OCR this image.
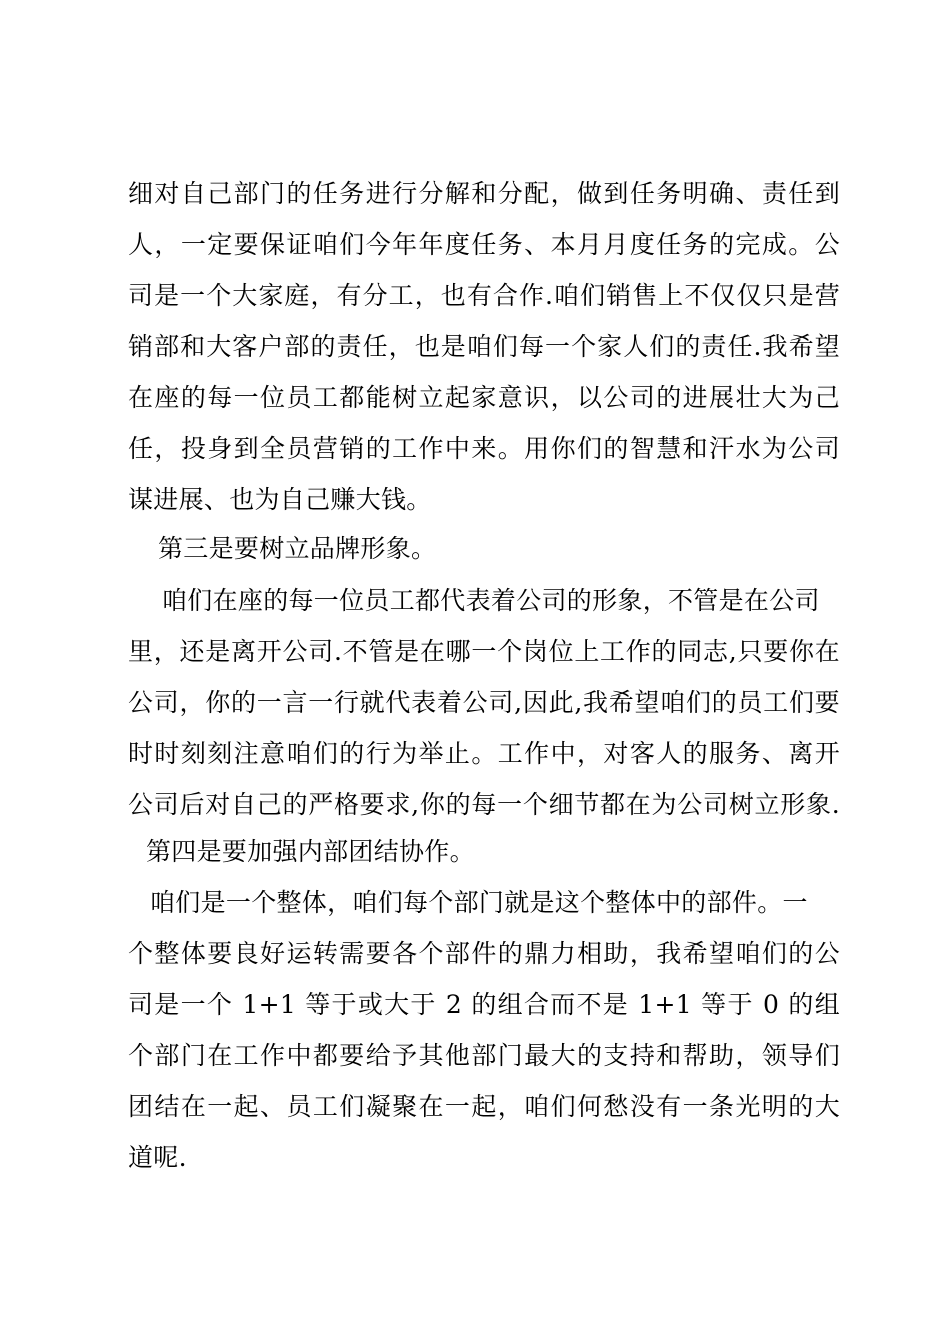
细对自己部门的任务进行分解和分配，做到任务明确、责任到
人，一定要保证咱们今年年度任务、本月月度任务的完成。公
司是一个大家庭，有分工，也有合作.咱们销售上不仅仅只是营
销部和大客户部的责任，也是咱们每一个家人们的责任.我希望
在座的每一位员工都能树立起家意识，以公司的进展壮大为己
任，投身到全员营销的工作中来。用你们的智慧和汗水为公司
谋进展、也为自己赚大钱。
第三是要树立品牌形象。
咱们在座的每一位员工都代表着公司的形象，不管是在公司
里，还是离开公司.不管是在哪一个岗位上工作的同志,只要你在
公司，你的一言一行就代表着公司,因此,我希望咱们的员工们要
时时刻刻注意咱们的行为举止。工作中，对客人的服务、离开
公司后对自己的严格要求,你的每一个细节都在为公司树立形象.
第四是要加强内部团结协作。
咱们是一个整体，咱们每个部门就是这个整体中的部件。一
个整体要良好运转需要各个部件的鼎力相助，我希望咱们的公
司是一个 1+1 等于或大于 2 的组合而不是 1+1 等于 0 的组
个部门在工作中都要给予其他部门最大的支持和帮助，领导们
团结在一起、员工们凝聚在一起，咱们何愁没有一条光明的大
道呢.
